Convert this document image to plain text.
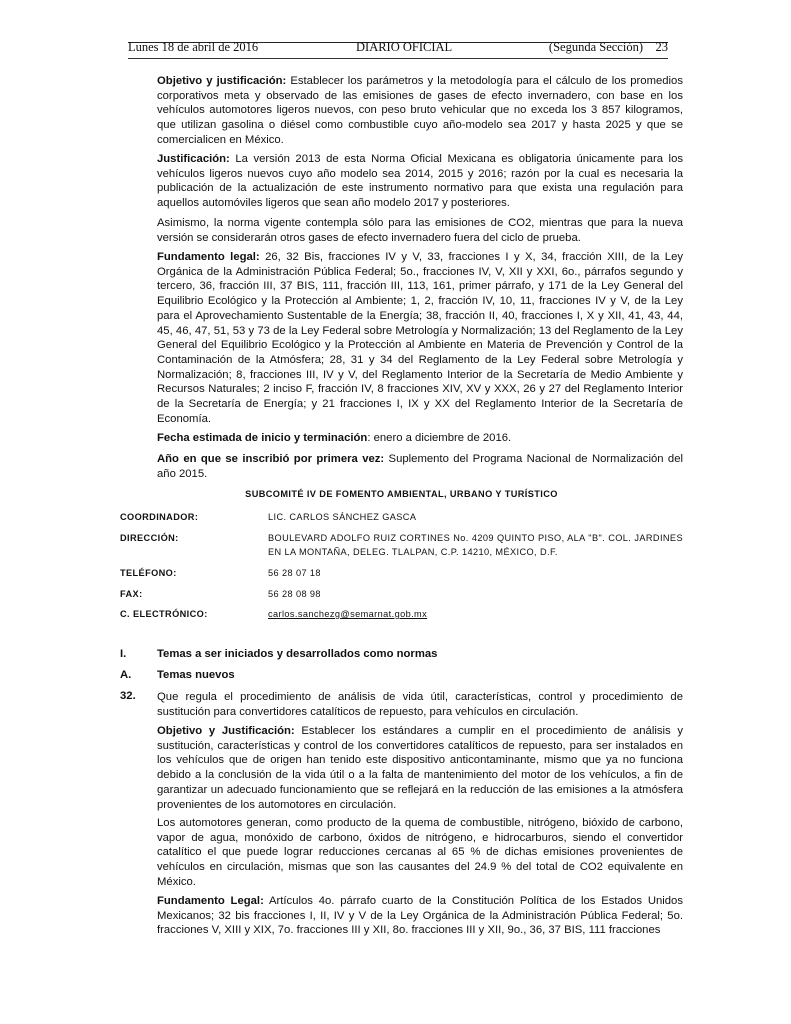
Lunes 18 de abril de 2016	DIARIO OFICIAL	(Segunda Sección) 23

Objetivo y justificación: Establecer los parámetros y la metodología para el cálculo de los promedios corporativos meta y observado de las emisiones de gases de efecto invernadero, con base en los vehículos automotores ligeros nuevos, con peso bruto vehicular que no exceda los 3 857 kilogramos, que utilizan gasolina o diésel como combustible cuyo año-modelo sea 2017 y hasta 2025 y que se comercialicen en México.

Justificación: La versión 2013 de esta Norma Oficial Mexicana es obligatoria únicamente para los vehículos ligeros nuevos cuyo año modelo sea 2014, 2015 y 2016; razón por la cual es necesaria la publicación de la actualización de este instrumento normativo para que exista una regulación para aquellos automóviles ligeros que sean año modelo 2017 y posteriores.

Asimismo, la norma vigente contempla sólo para las emisiones de CO2, mientras que para la nueva versión se considerarán otros gases de efecto invernadero fuera del ciclo de prueba.

Fundamento legal: 26, 32 Bis, fracciones IV y V, 33, fracciones I y X, 34, fracción XIII, de la Ley Orgánica de la Administración Pública Federal; 5o., fracciones IV, V, XII y XXI, 6o., párrafos segundo y tercero, 36, fracción III, 37 BIS, 111, fracción III, 113, 161, primer párrafo, y 171 de la Ley General del Equilibrio Ecológico y la Protección al Ambiente; 1, 2, fracción IV, 10, 11, fracciones IV y V, de la Ley para el Aprovechamiento Sustentable de la Energía; 38, fracción II, 40, fracciones I, X y XII, 41, 43, 44, 45, 46, 47, 51, 53 y 73 de la Ley Federal sobre Metrología y Normalización; 13 del Reglamento de la Ley General del Equilibrio Ecológico y la Protección al Ambiente en Materia de Prevención y Control de la Contaminación de la Atmósfera; 28, 31 y 34 del Reglamento de la Ley Federal sobre Metrología y Normalización; 8, fracciones III, IV y V, del Reglamento Interior de la Secretaría de Medio Ambiente y Recursos Naturales; 2 inciso F, fracción IV, 8 fracciones XIV, XV y XXX, 26 y 27 del Reglamento Interior de la Secretaría de Energía; y 21 fracciones I, IX y XX del Reglamento Interior de la Secretaría de Economía.

Fecha estimada de inicio y terminación: enero a diciembre de 2016.

Año en que se inscribió por primera vez: Suplemento del Programa Nacional de Normalización del año 2015.

SUBCOMITÉ IV DE FOMENTO AMBIENTAL, URBANO Y TURÍSTICO
COORDINADOR:	LIC. CARLOS SÁNCHEZ GASCA
DIRECCIÓN:	BOULEVARD ADOLFO RUIZ CORTINES No. 4209 QUINTO PISO, ALA "B". COL. JARDINES EN LA MONTAÑA, DELEG. TLALPAN, C.P. 14210, MÉXICO, D.F.
TELÉFONO:	56 28 07 18
FAX:	56 28 08 98
C. ELECTRÓNICO:	carlos.sanchezg@semarnat.gob.mx
I.	Temas a ser iniciados y desarrollados como normas
A. Temas nuevos
32. Que regula el procedimiento de análisis de vida útil, características, control y procedimiento de sustitución para convertidores catalíticos de repuesto, para vehículos en circulación.

Objetivo y Justificación: Establecer los estándares a cumplir en el procedimiento de análisis y sustitución, características y control de los convertidores catalíticos de repuesto, para ser instalados en los vehículos que de origen han tenido este dispositivo anticontaminante, mismo que ya no funciona debido a la conclusión de la vida útil o a la falta de mantenimiento del motor de los vehículos, a fin de garantizar un adecuado funcionamiento que se reflejará en la reducción de las emisiones a la atmósfera provenientes de los automotores en circulación.

Los automotores generan, como producto de la quema de combustible, nitrógeno, bióxido de carbono, vapor de agua, monóxido de carbono, óxidos de nitrógeno, e hidrocarburos, siendo el convertidor catalítico el que puede lograr reducciones cercanas al 65 % de dichas emisiones provenientes de vehículos en circulación, mismas que son las causantes del 24.9 % del total de CO2 equivalente en México.

Fundamento Legal: Artículos 4o. párrafo cuarto de la Constitución Política de los Estados Unidos Mexicanos; 32 bis fracciones I, II, IV y V de la Ley Orgánica de la Administración Pública Federal; 5o. fracciones V, XIII y XIX, 7o. fracciones III y XII, 8o. fracciones III y XII, 9o., 36, 37 BIS, 111 fracciones
